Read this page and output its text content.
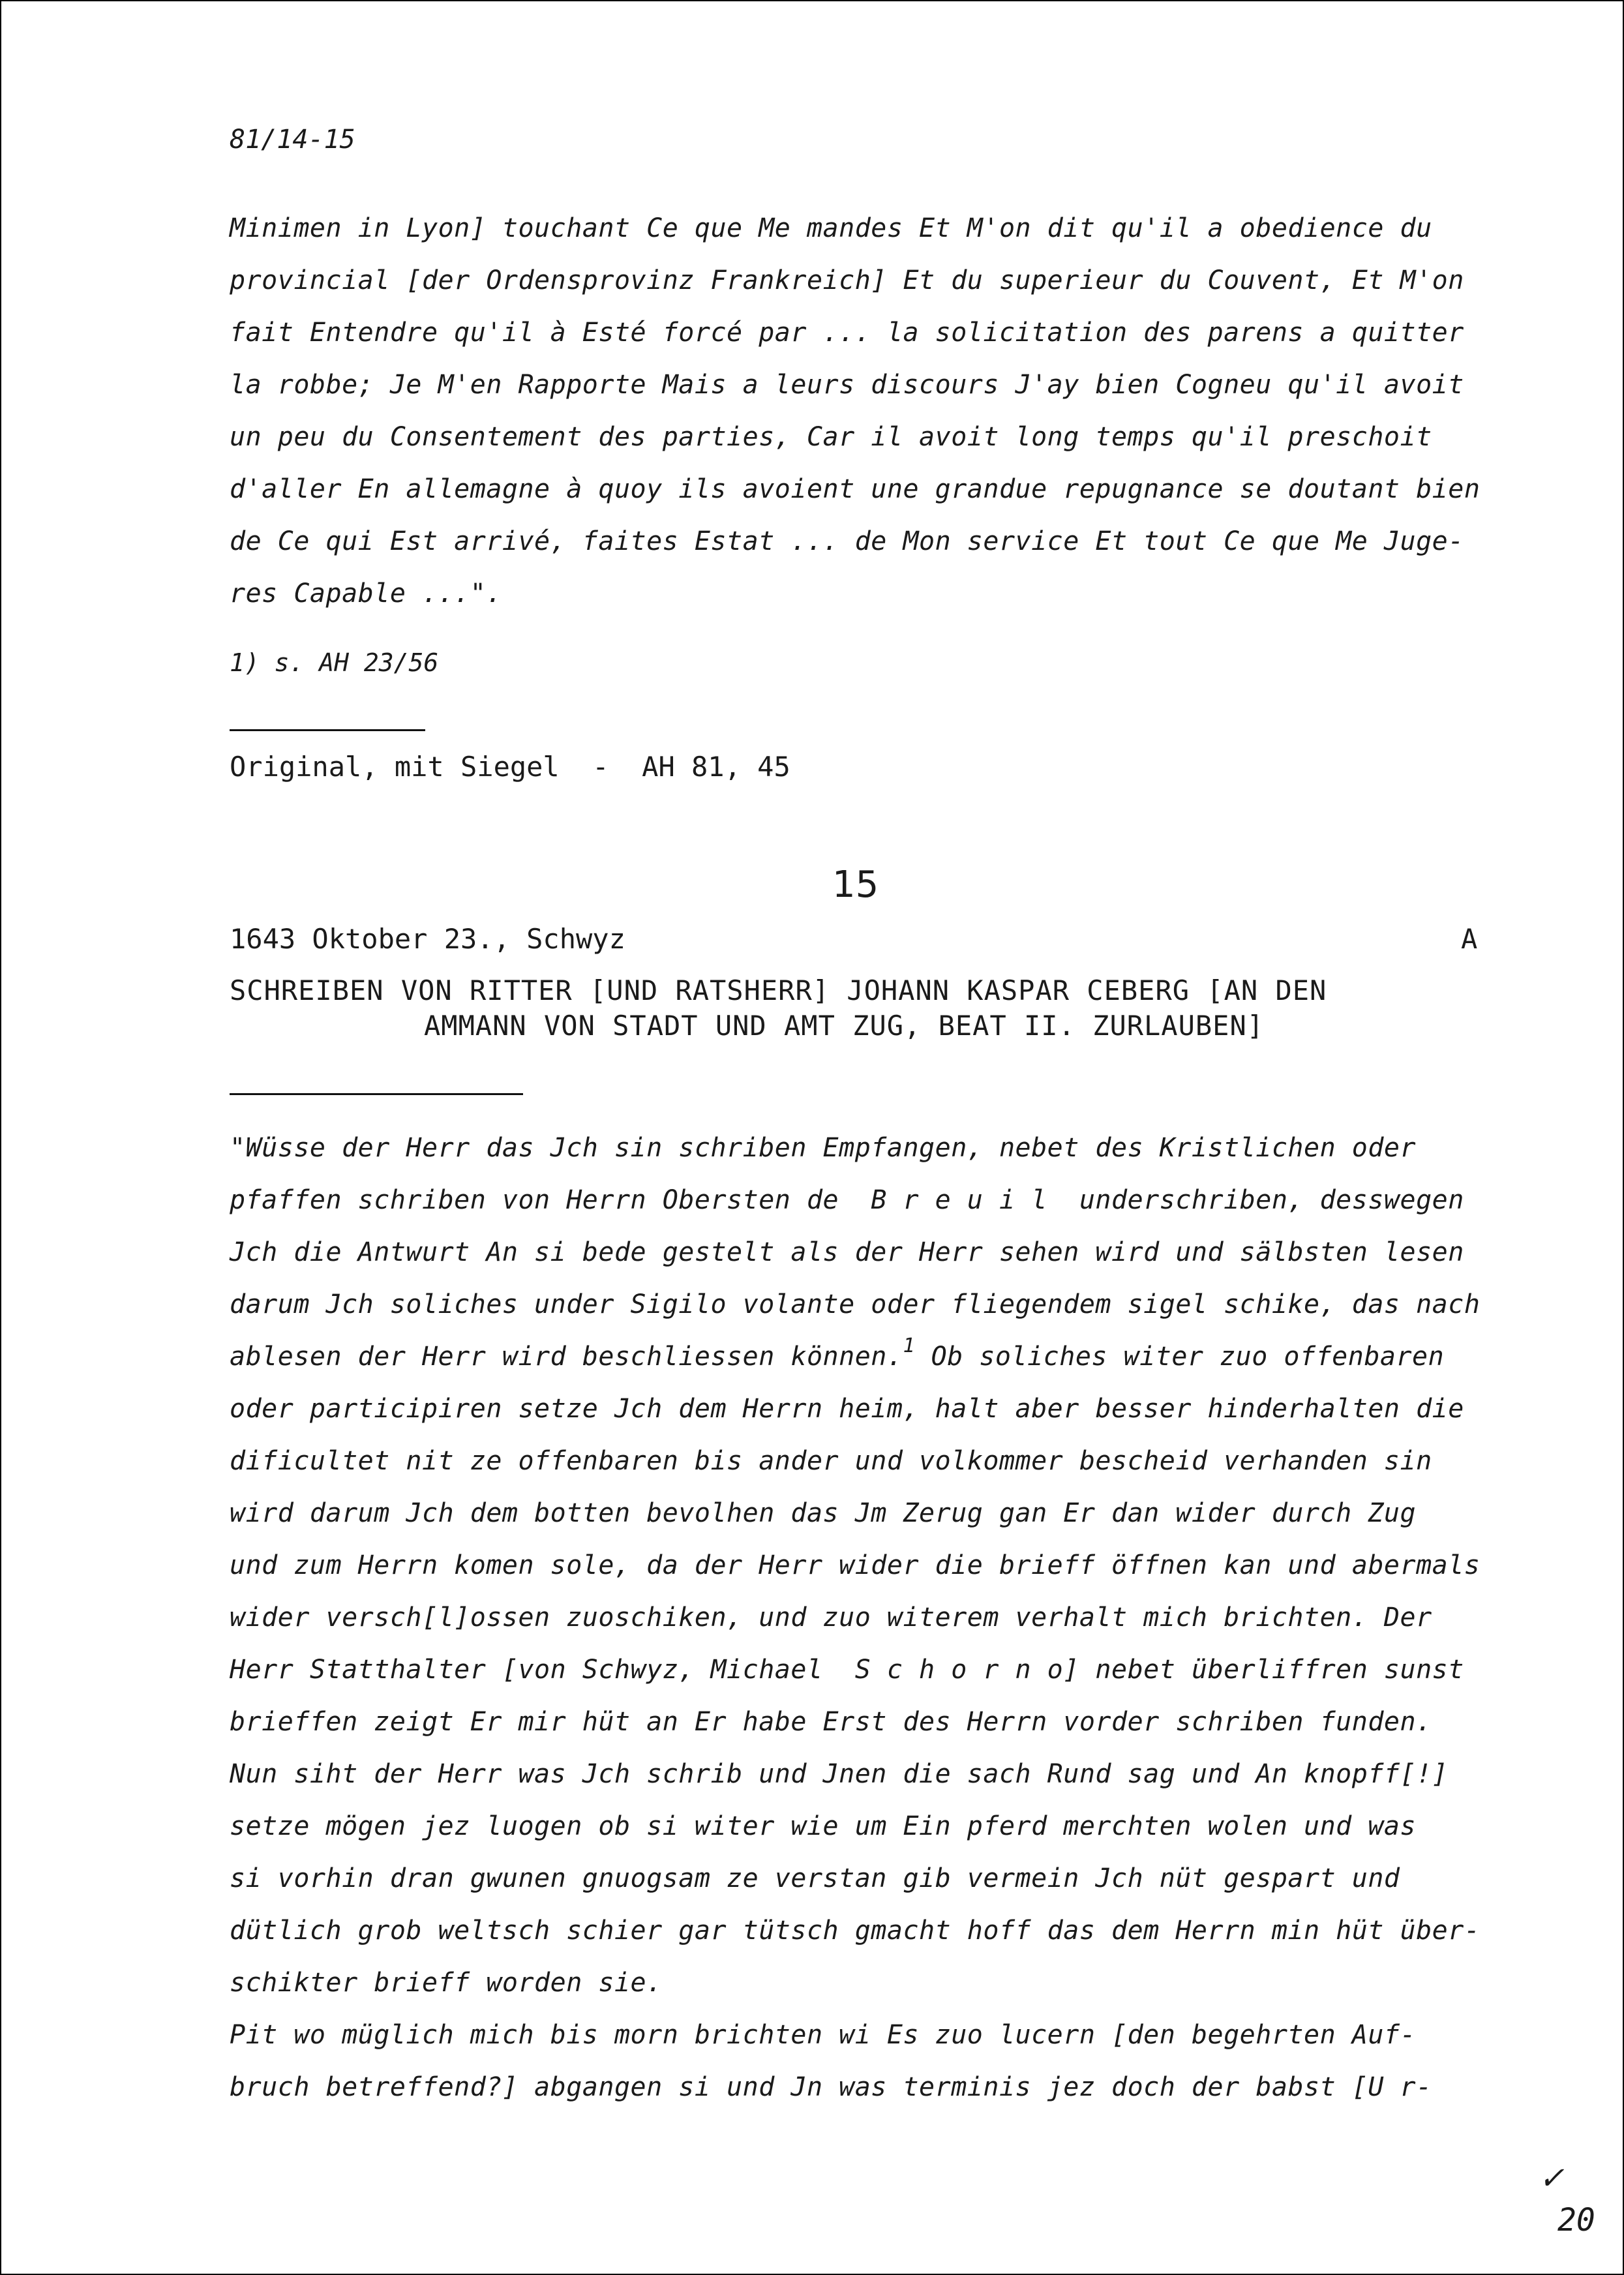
81/14-15
Minimen in Lyon] touchant Ce que Me mandes Et M'on dit qu'il a obedience du
provincial [der Ordensprovinz Frankreich] Et du superieur du Couvent, Et M'on
fait Entendre qu'il à Esté forcé par ... la solicitation des parens a quitter
la robbe; Je M'en Rapporte Mais a leurs discours J'ay bien Cogneu qu'il avoit
un peu du Consentement des parties, Car il avoit long temps qu'il preschoit
d'aller En allemagne à quoy ils avoient une grandue repugnance se doutant bien
de Ce qui Est arrivé, faites Estat ... de Mon service Et tout Ce que Me Juge-
res Capable ...".
1) s. AH 23/56
Original, mit Siegel  -  AH 81, 45
15
1643 Oktober 23., Schwyz	A
SCHREIBEN VON RITTER [UND RATSHERR] JOHANN KASPAR CEBERG [AN DEN
AMMANN VON STADT UND AMT ZUG, BEAT II. ZURLAUBEN]
"Wüsse der Herr das Jch sin schriben Empfangen, nebet des Kristlichen oder
pfaffen schriben von Herrn Obersten de  B r e u i l  underschriben, desswegen
Jch die Antwurt An si bede gestelt als der Herr sehen wird und sälbsten lesen
darum Jch soliches under Sigilo volante oder fliegendem sigel schike, das nach
ablesen der Herr wird beschliessen können.$^1$ Ob soliches witer zuo offenbaren
oder participiren setze Jch dem Herrn heim, halt aber besser hinderhalten die
dificultet nit ze offenbaren bis ander und volkommer bescheid verhanden sin
wird darum Jch dem botten bevolhen das Jm Zerug gan Er dan wider durch Zug
und zum Herrn komen sole, da der Herr wider die brieff öffnen kan und abermals
wider versch[l]ossen zuoschiken, und zuo witerem verhalt mich brichten. Der
Herr Statthalter [von Schwyz, Michael  S c h o r n o] nebet überliffren sunst
brieffen zeigt Er mir hüt an Er habe Erst des Herrn vorder schriben funden.
Nun siht der Herr was Jch schrib und Jnen die sach Rund sag und An knopff[!]
setze mögen jez luogen ob si witer wie um Ein pferd merchten wolen und was
si vorhin dran gwunen gnuogsam ze verstan gib vermein Jch nüt gespart und
dütlich grob weltsch schier gar tütsch gmacht hoff das dem Herrn min hüt über-
schikter brieff worden sie.
Pit wo müglich mich bis morn brichten wi Es zuo lucern [den begehrten Auf-
bruch betreffend?] abgangen si und Jn was terminis jez doch der babst [U r-
✓
20
